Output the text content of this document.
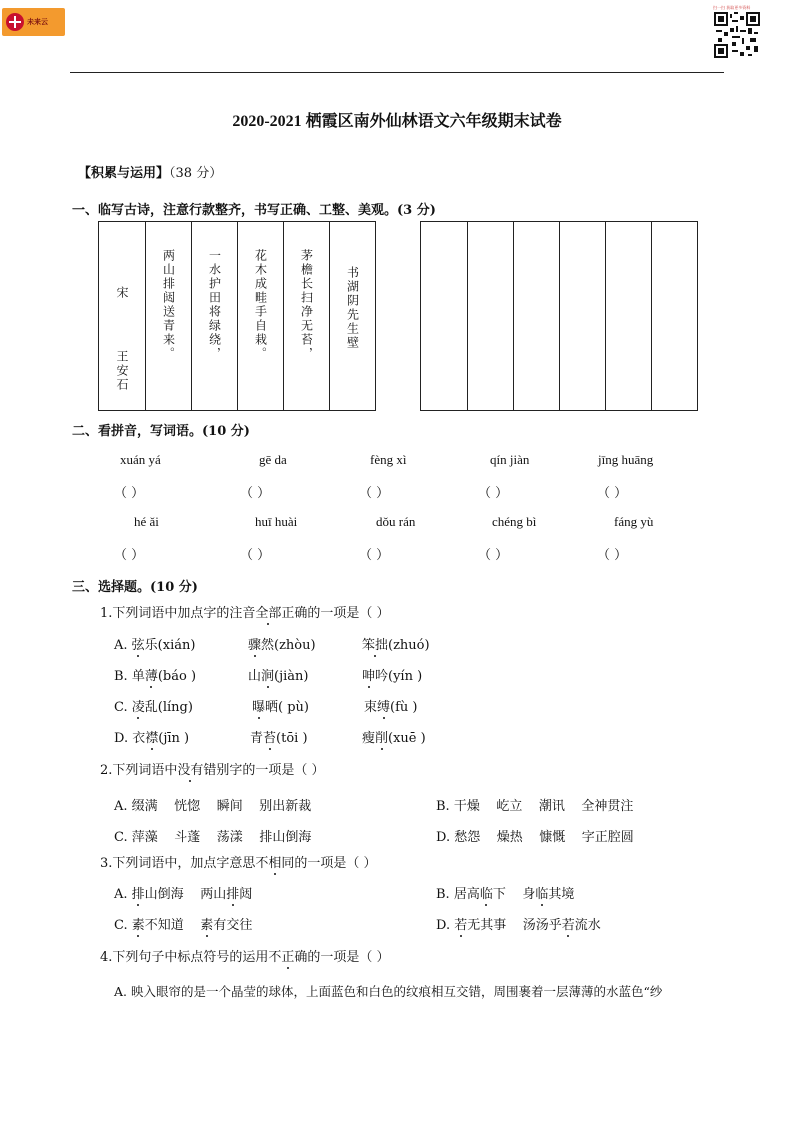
未来云
扫一扫 获取更多资料
2020-2021 栖霞区南外仙林语文六年级期末试卷
【积累与运用】（38 分）
一、临写古诗，注意行款整齐，书写正确、工整、美观。(3 分)
宋
王安石
两山排闼送青来。	一水护田将绿绕，	花木成畦手自栽。	茅檐长扫净无苔，	书湖阴先生壁
二、看拼音，写词语。(10 分)
xuán yá	gē da	fèng xì	qín jiàn	jīng huāng
（ ）	（ ）	（ ）	（ ）	（ ）
hé ǎi	huī huài	dǒu rán	chéng bì	fáng yù
（ ）	（ ）	（ ）	（ ）	（ ）
三、选择题。(10 分)
1.下列词语中加点字的注音全部正确的一项是（ ）
A. 弦乐(xián)	骤然(zhòu)	笨拙(zhuó)
B. 单薄(báo )	山涧(jiàn)	呻吟(yín )
C. 凌乱(líng)	曝晒( pù)	束缚(fù )
D. 衣襟(jīn )	青苔(tōi )	瘦削(xuē )
2.下列词语中没有错别字的一项是（ ）
A. 缀满    恍惚    瞬间    别出新裁	B. 干燥    屹立    潮讯    全神贯注
C. 萍藻    斗蓬    荡漾    排山倒海	D. 愁怨    燥热    慷慨    字正腔圆
3.下列词语中，加点字意思不相同的一项是（ ）
A. 排山倒海    两山排闼	B. 居高临下    身临其境
C. 素不知道    素有交往	D. 若无其事    汤汤乎若流水
4.下列句子中标点符号的运用不正确的一项是（ ）
A. 映入眼帘的是一个晶莹的球体，上面蓝色和白色的纹痕相互交错，周围裹着一层薄薄的水蓝色“纱
